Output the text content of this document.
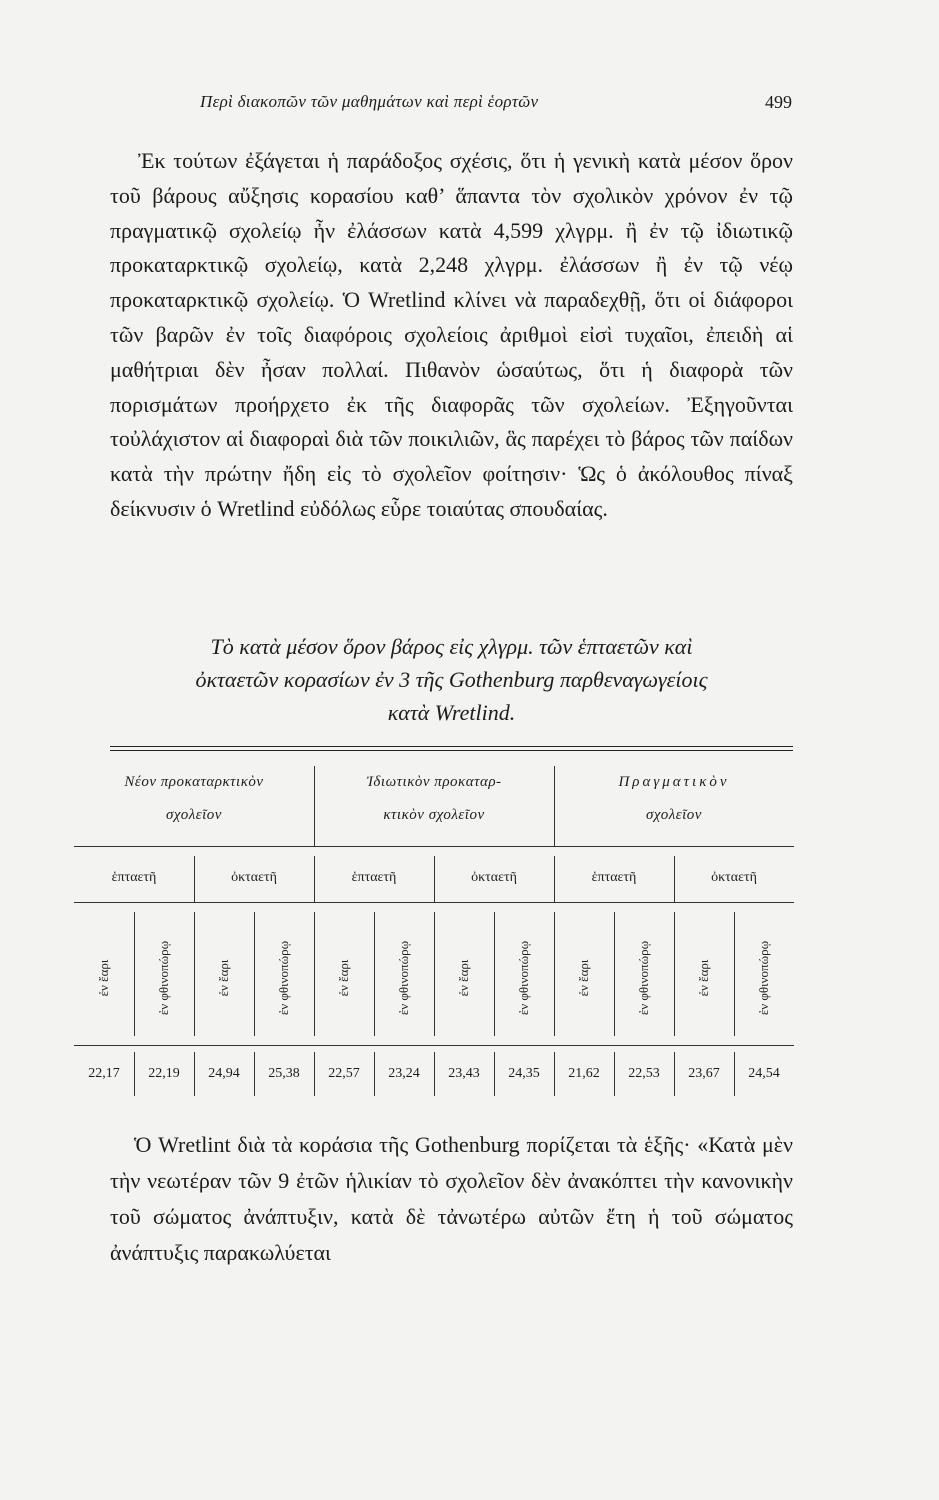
Περὶ διακοπῶν τῶν μαθημάτων καὶ περὶ ἑορτῶν	499

Ἐκ τούτων ἐξάγεται ἡ παράδοξος σχέσις, ὅτι ἡ γενικὴ κατὰ μέσον ὅρον τοῦ βάρους αὔξησις κορασίου καθ’ ἅπαντα τὸν σχολικὸν χρόνον ἐν τῷ πραγματικῷ σχολείῳ ἦν ἐλάσσων κατὰ 4,599 χλγρμ. ἢ ἐν τῷ ἰδιωτικῷ προκαταρκτικῷ σχολείῳ, κατὰ 2,248 χλγρμ. ἐλάσσων ἢ ἐν τῷ νέῳ προκαταρκτικῷ σχολείῳ. Ὁ Wretlind κλίνει νὰ παραδεχθῇ, ὅτι οἱ διάφοροι τῶν βαρῶν ἐν τοῖς διαφόροις σχολείοις ἀριθμοὶ εἰσὶ τυχαῖοι, ἐπειδὴ αἱ μαθήτριαι δὲν ἦσαν πολλαί. Πιθανὸν ὡσαύτως, ὅτι ἡ διαφορὰ τῶν πορισμάτων προήρχετο ἐκ τῆς διαφορᾶς τῶν σχολείων. Ἐξηγοῦνται τοὐλάχιστον αἱ διαφοραὶ διὰ τῶν ποικιλιῶν, ἃς παρέχει τὸ βάρος τῶν παίδων κατὰ τὴν πρώτην ἤδη εἰς τὸ σχολεῖον φοίτησιν· Ὡς ὁ ἀκόλουθος πίναξ δείκνυσιν ὁ Wretlind εὐδόλως εὗρε τοιαύτας σπουδαίας.

Τὸ κατὰ μέσον ὅρον βάρος εἰς χλγρμ. τῶν ἑπταετῶν καὶ
ὀκταετῶν κορασίων ἐν 3 τῆς Gothenburg παρθεναγωγείοις
κατὰ Wretlind.
Νέον προκαταρκτικὸν
σχολεῖον
Ἰδιωτικὸν προκαταρ-
κτικὸν σχολεῖον
Πραγματικὸν
σχολεῖον
ἑπταετῆ	ὀκταετῆ	ἑπταετῆ	ὀκταετῆ	ἑπταετῆ	ὀκταετῆ
ἐν ἔαρι	ἐν φθινοπώρῳ	ἐν ἔαρι	ἐν φθινοπώρῳ	ἐν ἔαρι	ἐν φθινοπώρῳ	ἐν ἔαρι	ἐν φθινοπώρῳ	ἐν ἔαρι	ἐν φθινοπώρῳ	ἐν ἔαρι	ἐν φθινοπώρῳ
22,17	22,19	24,94	25,38	22,57	23,24	23,43	24,35	21,62	22,53	23,67	24,54

Ὁ Wretlint διὰ τὰ κοράσια τῆς Gothenburg πορίζεται τὰ ἑξῆς· «Κατὰ μὲν τὴν νεωτέραν τῶν 9 ἐτῶν ἡλικίαν τὸ σχολεῖον δὲν ἀνακόπτει τὴν κανονικὴν τοῦ σώματος ἀνάπτυξιν, κατὰ δὲ τἀνωτέρω αὐτῶν ἔτη ἡ τοῦ σώματος ἀνάπτυξις παρακωλύεται
